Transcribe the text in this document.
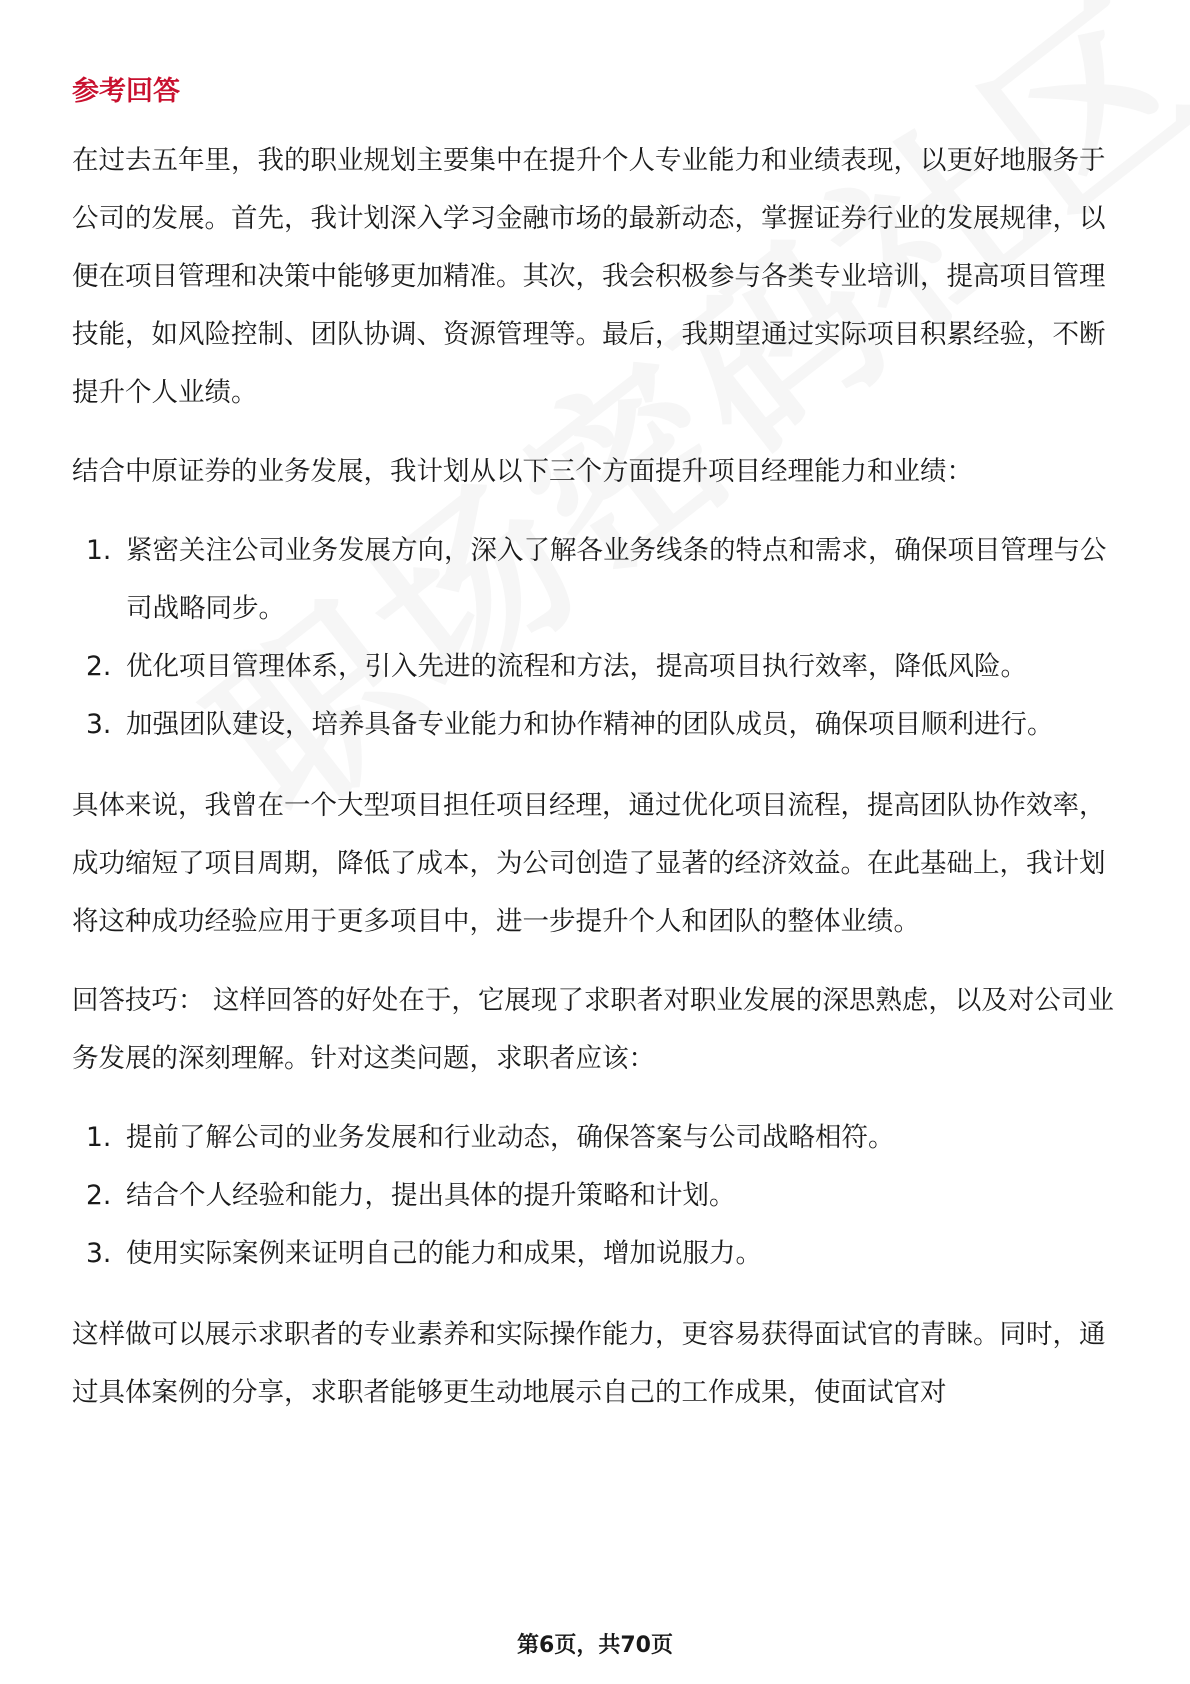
参考回答

在过去五年里，我的职业规划主要集中在提升个人专业能力和业绩表现，以更好地服务于公司的发展。首先，我计划深入学习金融市场的最新动态，掌握证券行业的发展规律，以便在项目管理和决策中能够更加精准。其次，我会积极参与各类专业培训，提高项目管理技能，如风险控制、团队协调、资源管理等。最后，我期望通过实际项目积累经验，不断提升个人业绩。

结合中原证券的业务发展，我计划从以下三个方面提升项目经理能力和业绩：

1. 紧密关注公司业务发展方向，深入了解各业务线条的特点和需求，确保项目管理与公司战略同步。
2. 优化项目管理体系，引入先进的流程和方法，提高项目执行效率，降低风险。
3. 加强团队建设，培养具备专业能力和协作精神的团队成员，确保项目顺利进行。

具体来说，我曾在一个大型项目担任项目经理，通过优化项目流程，提高团队协作效率，成功缩短了项目周期，降低了成本，为公司创造了显著的经济效益。在此基础上，我计划将这种成功经验应用于更多项目中，进一步提升个人和团队的整体业绩。

回答技巧： 这样回答的好处在于，它展现了求职者对职业发展的深思熟虑，以及对公司业务发展的深刻理解。针对这类问题，求职者应该：

1. 提前了解公司的业务发展和行业动态，确保答案与公司战略相符。
2. 结合个人经验和能力，提出具体的提升策略和计划。
3. 使用实际案例来证明自己的能力和成果，增加说服力。

这样做可以展示求职者的专业素养和实际操作能力，更容易获得面试官的青睐。同时，通过具体案例的分享，求职者能够更生动地展示自己的工作成果，使面试官对

第6页，共70页
